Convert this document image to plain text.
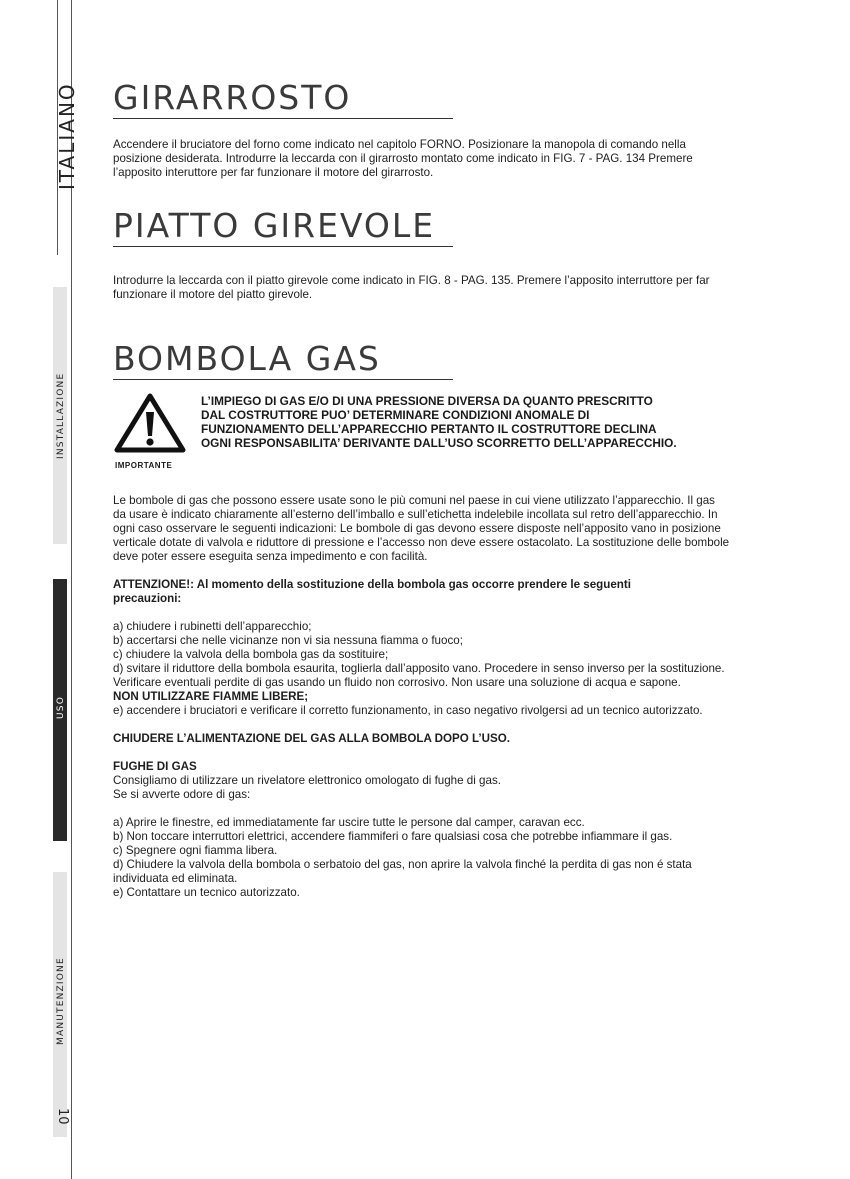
ITALIANO
INSTALLAZIONE
USO
MANUTENZIONE
10
GIRARROSTO
Accendere il bruciatore del forno come indicato nel capitolo FORNO. Posizionare la manopola di comando nella
posizione desiderata. Introdurre la leccarda con il girarrosto montato come indicato in FIG. 7 - PAG. 134 Premere
l’apposito interuttore per far funzionare il motore del girarrosto.
PIATTO GIREVOLE
Introdurre la leccarda con il piatto girevole come indicato in FIG. 8 - PAG. 135. Premere l’apposito interruttore per far
funzionare il motore del piatto girevole.
BOMBOLA GAS
IMPORTANTE
L’IMPIEGO DI GAS E/O DI UNA PRESSIONE DIVERSA DA QUANTO PRESCRITTO
DAL COSTRUTTORE PUO’ DETERMINARE CONDIZIONI ANOMALE DI
FUNZIONAMENTO DELL’APPARECCHIO PERTANTO IL COSTRUTTORE DECLINA
OGNI RESPONSABILITA’ DERIVANTE DALL’USO SCORRETTO DELL’APPARECCHIO.
Le bombole di gas che possono essere usate sono le più comuni nel paese in cui viene utilizzato l’apparecchio. Il gas
da usare è indicato chiaramente all’esterno dell’imballo e sull’etichetta indelebile incollata sul retro dell’apparecchio. In
ogni caso osservare le seguenti indicazioni: Le bombole di gas devono essere disposte nell’apposito vano in posizione
verticale dotate di valvola e riduttore di pressione e l’accesso non deve essere ostacolato. La sostituzione delle bombole
deve poter essere eseguita senza impedimento e con facilità.
ATTENZIONE!: Al momento della sostituzione della bombola gas occorre prendere le seguenti
precauzioni:
a) chiudere i rubinetti dell’apparecchio;
b) accertarsi che nelle vicinanze non vi sia nessuna fiamma o fuoco;
c) chiudere la valvola della bombola gas da sostituire;
d) svitare il riduttore della bombola esaurita, toglierla dall’apposito vano. Procedere in senso inverso per la sostituzione.
Verificare eventuali perdite di gas usando un fluido non corrosivo. Non usare una soluzione di acqua e sapone.
NON UTILIZZARE FIAMME LIBERE;
e) accendere i bruciatori e verificare il corretto funzionamento, in caso negativo rivolgersi ad un tecnico autorizzato.
CHIUDERE L’ALIMENTAZIONE DEL GAS ALLA BOMBOLA DOPO L’USO.
FUGHE DI GAS
Consigliamo di utilizzare un rivelatore elettronico omologato di fughe di gas.
Se si avverte odore di gas:
a) Aprire le finestre, ed immediatamente far uscire tutte le persone dal camper, caravan ecc.
b) Non toccare interruttori elettrici, accendere fiammiferi o fare qualsiasi cosa che potrebbe infiammare il gas.
c) Spegnere ogni fiamma libera.
d) Chiudere la valvola della bombola o serbatoio del gas, non aprire la valvola finché la perdita di gas non é stata
individuata ed eliminata.
e) Contattare un tecnico autorizzato.
